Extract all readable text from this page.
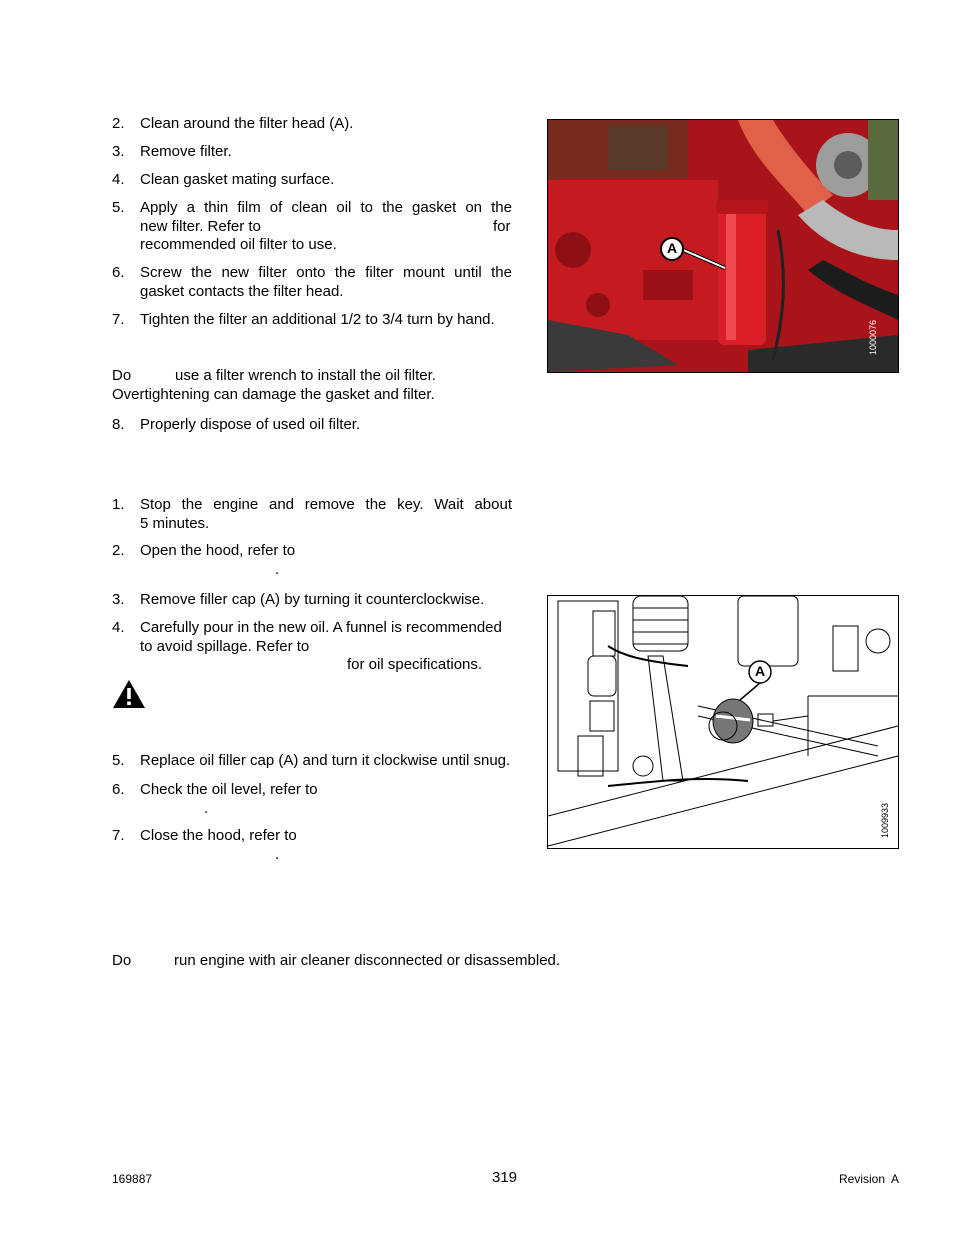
2.	Clean around the filter head (A).
3.	Remove filter.
4.	Clean gasket mating surface.
5.	Apply a thin film of clean oil to the gasket on the
new filter. Refer to	for
recommended oil filter to use.
6.	Screw the new filter onto the filter mount until the
gasket contacts the filter head.
7.	Tighten the filter an additional 1/2 to 3/4 turn by hand.
Do	use a filter wrench to install the oil filter.
Overtightening can damage the gasket and filter.
8.	Properly dispose of used oil filter.
1.	Stop the engine and remove the key. Wait about
5 minutes.
2.	Open the hood, refer to
.
3.	Remove filler cap (A) by turning it counterclockwise.
4.	Carefully pour in the new oil. A funnel is recommended
to avoid spillage. Refer to
for oil specifications.
5.	Replace oil filler cap (A) and turn it clockwise until snug.
6.	Check the oil level, refer to
.
7.	Close the hood, refer to
.
Do	run engine with air cleaner disconnected or disassembled.
A
1000076
A
1009933
169887	319	Revision  A
